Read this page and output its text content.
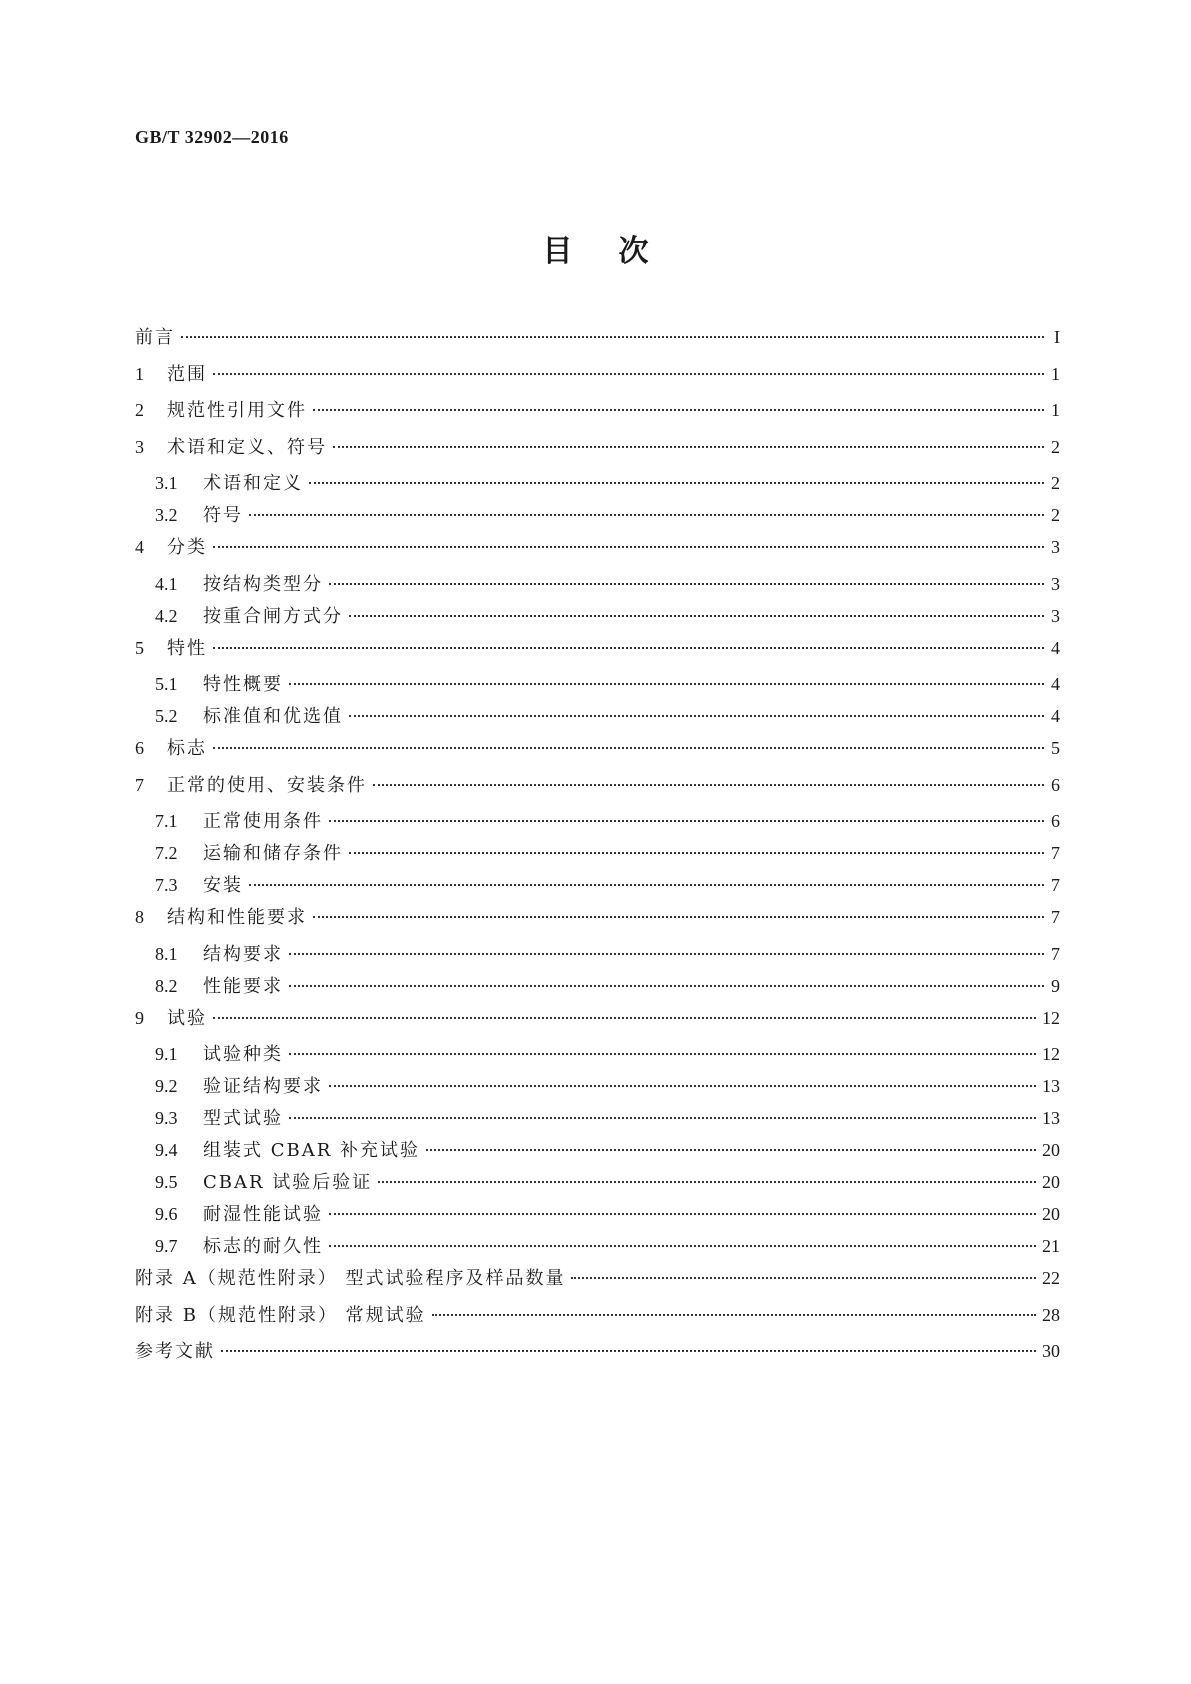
GB/T 32902—2016
目次
前言	I
1	范围	1
2	规范性引用文件	1
3	术语和定义、符号	2
3.1	术语和定义	2
3.2	符号	2
4	分类	3
4.1	按结构类型分	3
4.2	按重合闸方式分	3
5	特性	4
5.1	特性概要	4
5.2	标准值和优选值	4
6	标志	5
7	正常的使用、安装条件	6
7.1	正常使用条件	6
7.2	运输和储存条件	7
7.3	安装	7
8	结构和性能要求	7
8.1	结构要求	7
8.2	性能要求	9
9	试验	12
9.1	试验种类	12
9.2	验证结构要求	13
9.3	型式试验	13
9.4	组装式 CBAR 补充试验	20
9.5	CBAR 试验后验证	20
9.6	耐湿性能试验	20
9.7	标志的耐久性	21
附录 A（规范性附录） 型式试验程序及样品数量	22
附录 B（规范性附录） 常规试验	28
参考文献	30
